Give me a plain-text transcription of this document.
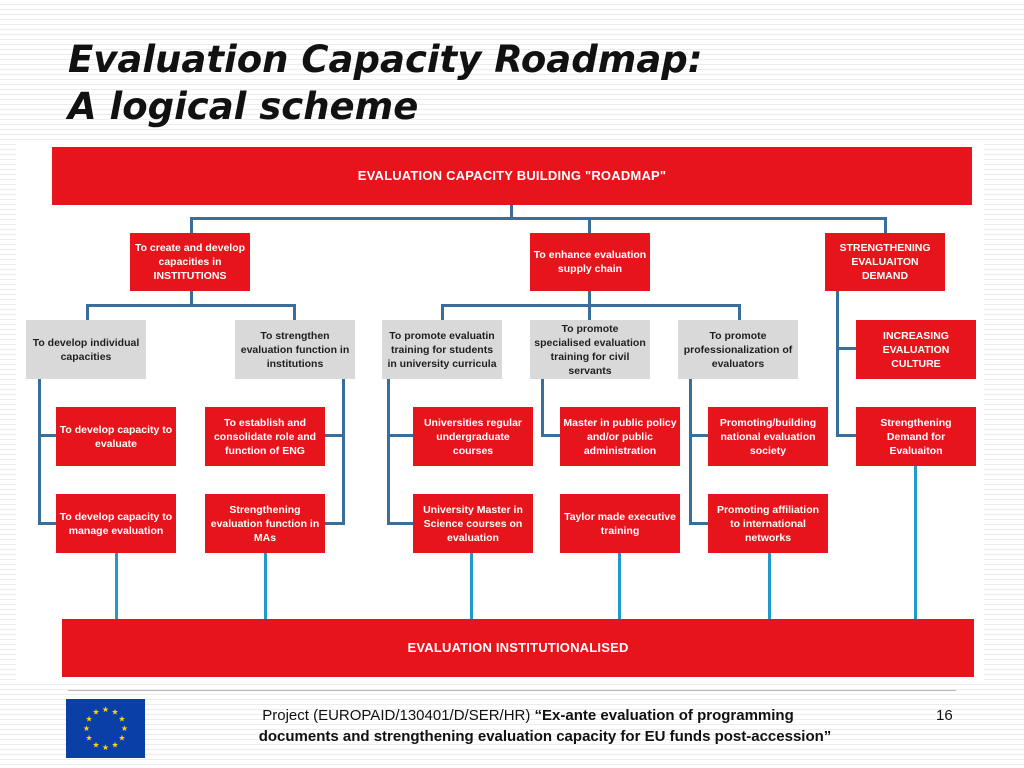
Evaluation Capacity Roadmap:
A logical scheme
EVALUATION CAPACITY BUILDING "ROADMAP"
EVALUATION INSTITUTIONALISED
To create and develop capacities in INSTITUTIONS
To enhance evaluation supply chain
STRENGTHENING EVALUAITON DEMAND
To develop individual capacities
To strengthen evaluation function in institutions
To promote evaluatin training for students in university curricula
To promote specialised evaluation training for civil servants
To promote professionalization of evaluators
INCREASING EVALUATION CULTURE
To develop capacity to evaluate
To establish and consolidate role and function of ENG
Universities regular undergraduate courses
Master in public policy and/or public administration
Promoting/building national evaluation society
Strengthening Demand for Evaluaiton
To develop capacity to manage evaluation
Strengthening evaluation function in MAs
University Master in Science courses on evaluation
Taylor made executive training
Promoting affiliation to international networks
Project (EUROPAID/130401/D/SER/HR) “Ex-ante evaluation of programming
documents and strengthening evaluation capacity for EU funds post-accession”
16
